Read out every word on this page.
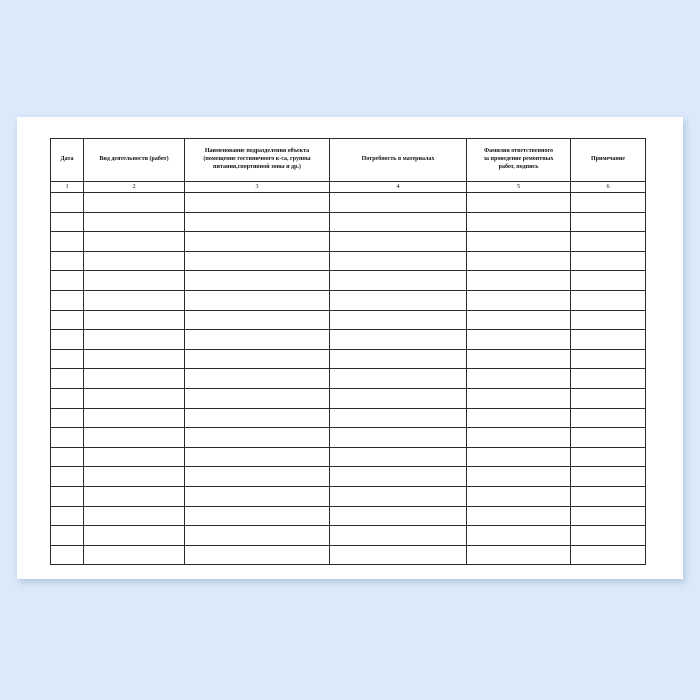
Дата	Вид деятельности (работ)	Наименование подразделения объекта
(помещение гостиничного к-са, группы
питания,спортивной зоны и др.)	Потребность в материалах	Фамилия ответственного
за проведение ремонтных
работ, подпись	Примечание

1	2	3	4	5	6
